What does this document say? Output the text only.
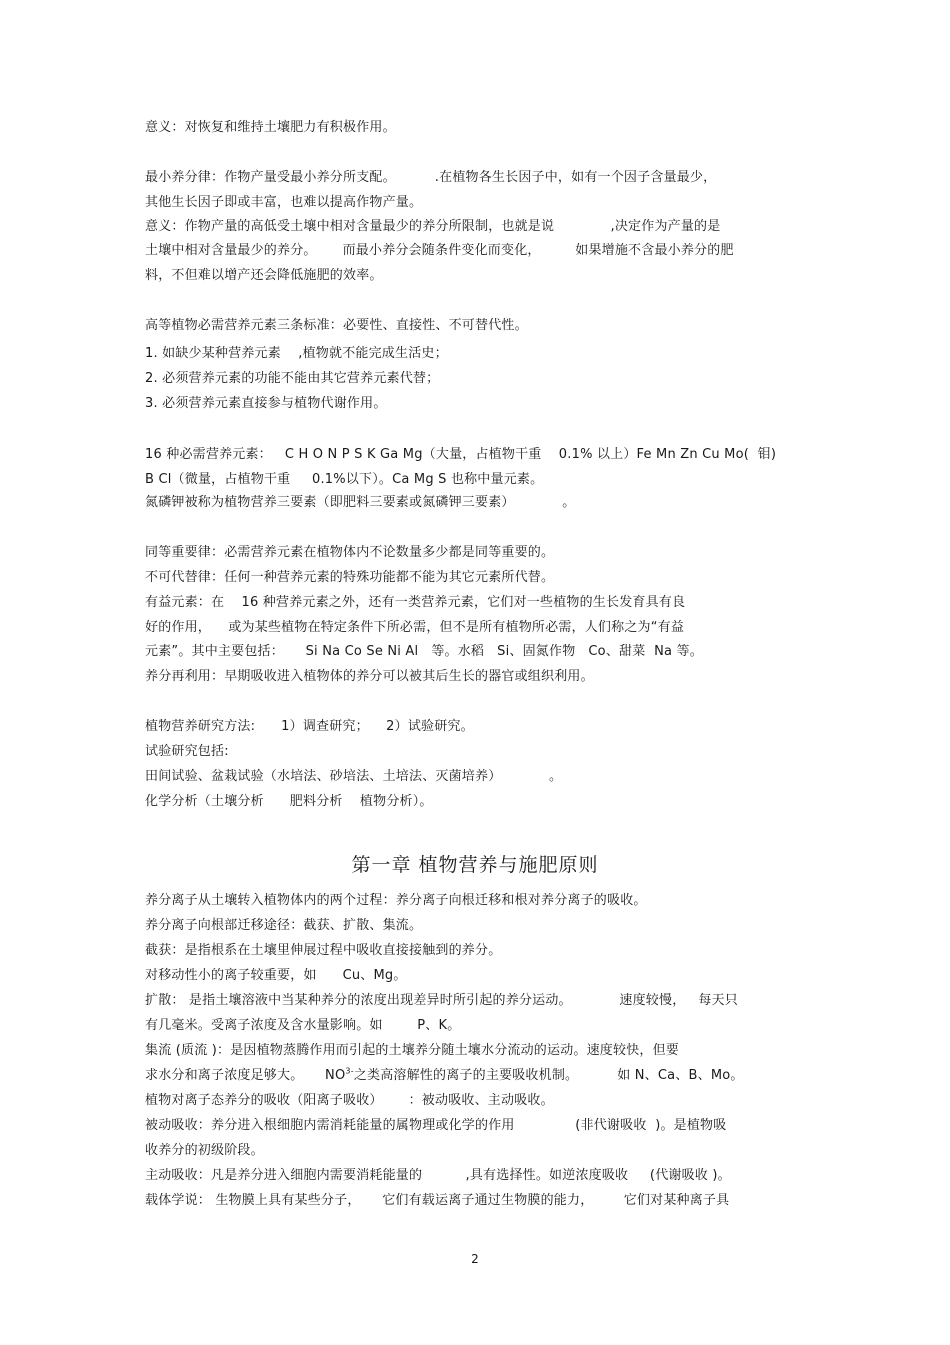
意义：对恢复和维持土壤肥力有积极作用。
最小养分律：作物产量受最小养分所支配。         .在植物各生长因子中，如有一个因子含量最少，
其他生长因子即或丰富，也难以提高作物产量。
意义：作物产量的高低受土壤中相对含量最少的养分所限制，也就是说             ,决定作为产量的是
土壤中相对含量最少的养分。      而最小养分会随条件变化而变化，        如果增施不含最小养分的肥
料，不但难以增产还会降低施肥的效率。
高等植物必需营养元素三条标准：必要性、直接性、不可替代性。
1. 如缺少某种营养元素    ,植物就不能完成生活史；
2. 必须营养元素的功能不能由其它营养元素代替；
3. 必须营养元素直接参与植物代谢作用。
16 种必需营养元素：   C H O N P S K Ga Mg（大量，占植物干重    0.1% 以上）Fe Mn Zn Cu Mo(  钼)
B Cl（微量，占植物干重     0.1%以下）。Ca Mg S 也称中量元素。
氮磷钾被称为植物营养三要素（即肥料三要素或氮磷钾三要素）           。
同等重要律：必需营养元素在植物体内不论数量多少都是同等重要的。
不可代替律：任何一种营养元素的特殊功能都不能为其它元素所代替。
有益元素：在    16 种营养元素之外，还有一类营养元素，它们对一些植物的生长发育具有良
好的作用，    或为某些植物在特定条件下所必需，但不是所有植物所必需，人们称之为“有益
元素”。其中主要包括：     Si Na Co Se Ni Al   等。水稻   Si、固氮作物   Co、甜菜  Na 等。
养分再利用：早期吸收进入植物体的养分可以被其后生长的器官或组织利用。
植物营养研究方法:      1）调查研究；    2）试验研究。
试验研究包括:
田间试验、盆栽试验（水培法、砂培法、土培法、灭菌培养）           。
化学分析（土壤分析      肥料分析    植物分析）。
养分离子从土壤转入植物体内的两个过程：养分离子向根迁移和根对养分离子的吸收。
养分离子向根部迁移途径：截获、扩散、集流。
截获：是指根系在土壤里伸展过程中吸收直接接触到的养分。
对移动性小的离子较重要，如      Cu、Mg。
扩散： 是指土壤溶液中当某种养分的浓度出现差异时所引起的养分运动。           速度较慢，   每天只
有几毫米。受离子浓度及含水量影响。如        P、K。
集流 (质流 )：是因植物蒸腾作用而引起的土壤养分随土壤水分流动的运动。速度较快，但要
植物对离子态养分的吸收（阳离子吸收）      ：被动吸收、主动吸收。
被动吸收：养分进入根细胞内需消耗能量的属物理或化学的作用              (非代谢吸收  )。是植物吸
收养分的初级阶段。
主动吸收：凡是养分进入细胞内需要消耗能量的          ,具有选择性。如逆浓度吸收     (代谢吸收 )。
载体学说： 生物膜上具有某些分子，     它们有载运离子通过生物膜的能力，       它们对某种离子具
求水分和离子浓度足够大。     $NO^{3-}$之类高溶解性的离子的主要吸收机制。         如 N、Ca、B、Mo。
第一章 植物营养与施肥原则
2
